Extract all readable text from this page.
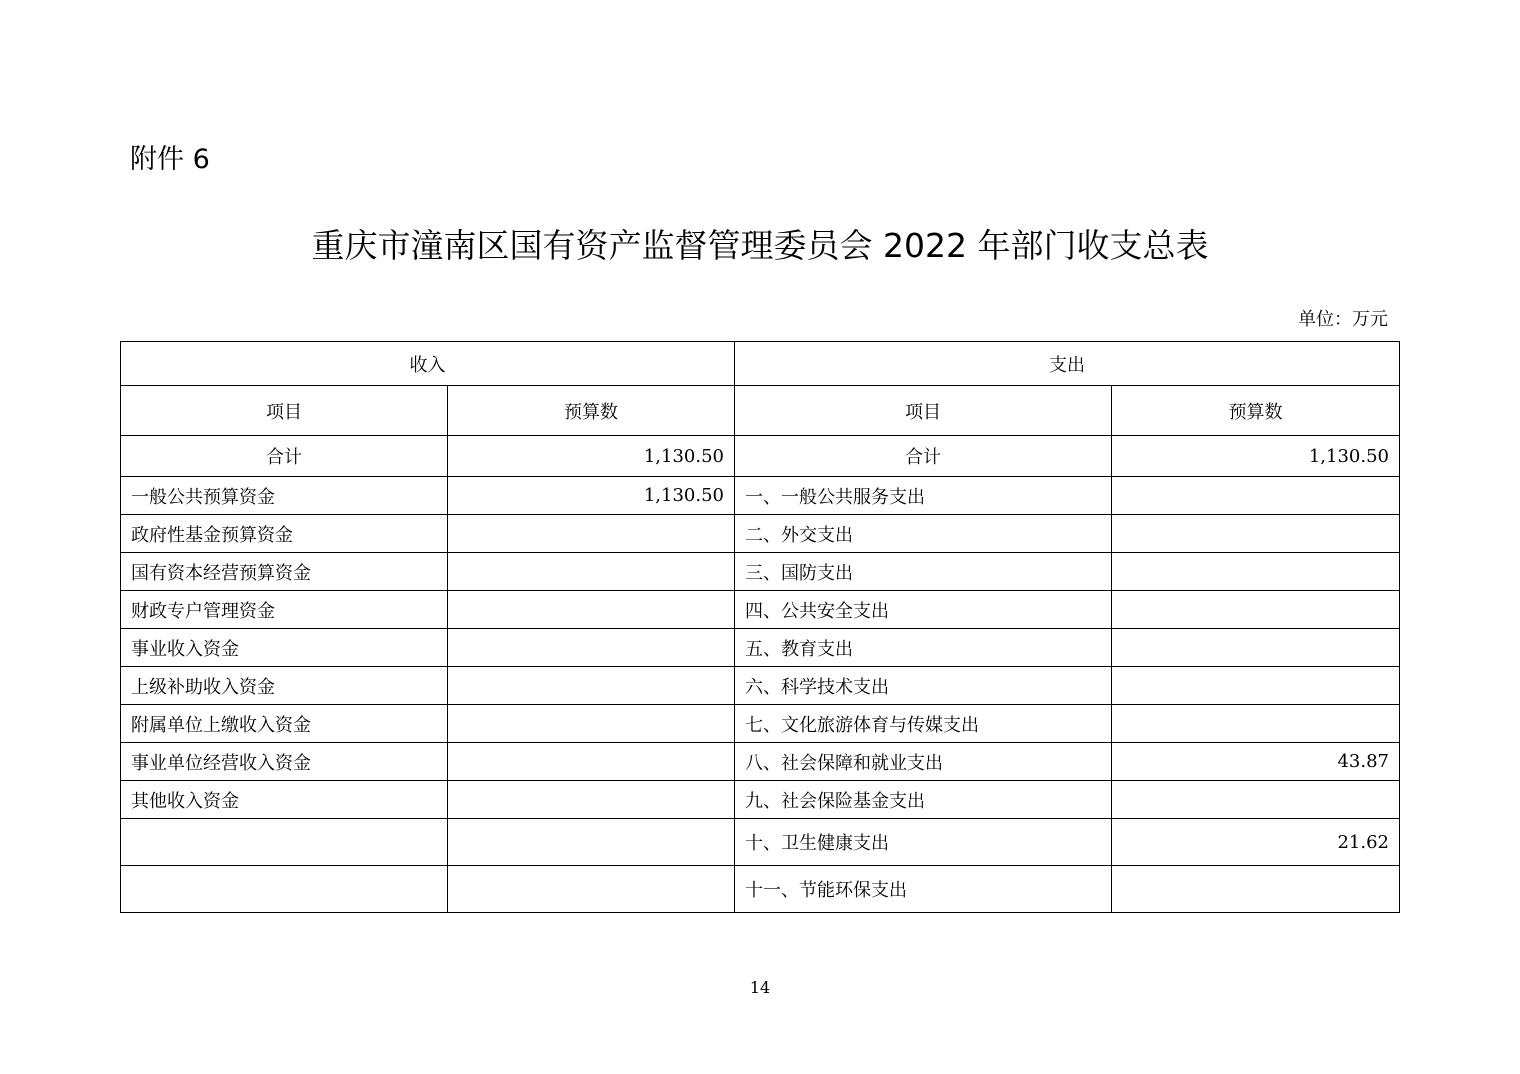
附件 6
重庆市潼南区国有资产监督管理委员会 2022 年部门收支总表
单位：万元
收入		支出	
项目	预算数	项目	预算数
合计	1,130.50	合计	1,130.50
一般公共预算资金	1,130.50	一、一般公共服务支出	
政府性基金预算资金		二、外交支出	
国有资本经营预算资金		三、国防支出	
财政专户管理资金		四、公共安全支出	
事业收入资金		五、教育支出	
上级补助收入资金		六、科学技术支出	
附属单位上缴收入资金		七、文化旅游体育与传媒支出	
事业单位经营收入资金		八、社会保障和就业支出	43.87
其他收入资金		九、社会保险基金支出	
		十、卫生健康支出	21.62
		十一、节能环保支出	
14
